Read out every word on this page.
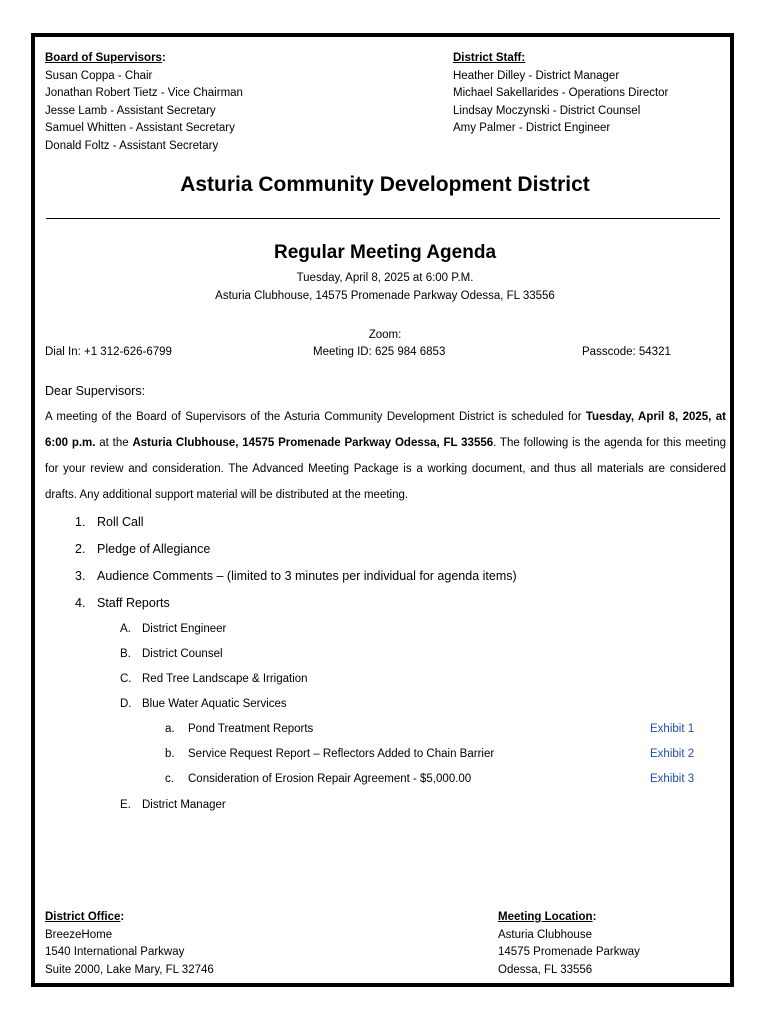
Board of Supervisors:
Susan Coppa - Chair
Jonathan Robert Tietz - Vice Chairman
Jesse Lamb - Assistant Secretary
Samuel Whitten - Assistant Secretary
Donald Foltz - Assistant Secretary
District Staff:
Heather Dilley - District Manager
Michael Sakellarides - Operations Director
Lindsay Moczynski - District Counsel
Amy Palmer - District Engineer
Asturia Community Development District
Regular Meeting Agenda
Tuesday, April 8, 2025 at 6:00 P.M.
Asturia Clubhouse, 14575 Promenade Parkway Odessa, FL 33556
Zoom:
Dial In: +1 312-626-6799	Meeting ID: 625 984 6853	Passcode: 54321
Dear Supervisors:
A meeting of the Board of Supervisors of the Asturia Community Development District is scheduled for Tuesday, April 8, 2025, at 6:00 p.m. at the Asturia Clubhouse, 14575 Promenade Parkway Odessa, FL 33556. The following is the agenda for this meeting for your review and consideration. The Advanced Meeting Package is a working document, and thus all materials are considered drafts. Any additional support material will be distributed at the meeting.
1. Roll Call
2. Pledge of Allegiance
3. Audience Comments – (limited to 3 minutes per individual for agenda items)
4. Staff Reports
A. District Engineer
B. District Counsel
C. Red Tree Landscape & Irrigation
D. Blue Water Aquatic Services
a. Pond Treatment Reports	Exhibit 1
b. Service Request Report – Reflectors Added to Chain Barrier	Exhibit 2
c. Consideration of Erosion Repair Agreement - $5,000.00	Exhibit 3
E. District Manager
District Office:
BreezeHome
1540 International Parkway
Suite 2000, Lake Mary, FL 32746
Meeting Location:
Asturia Clubhouse
14575 Promenade Parkway
Odessa, FL 33556
